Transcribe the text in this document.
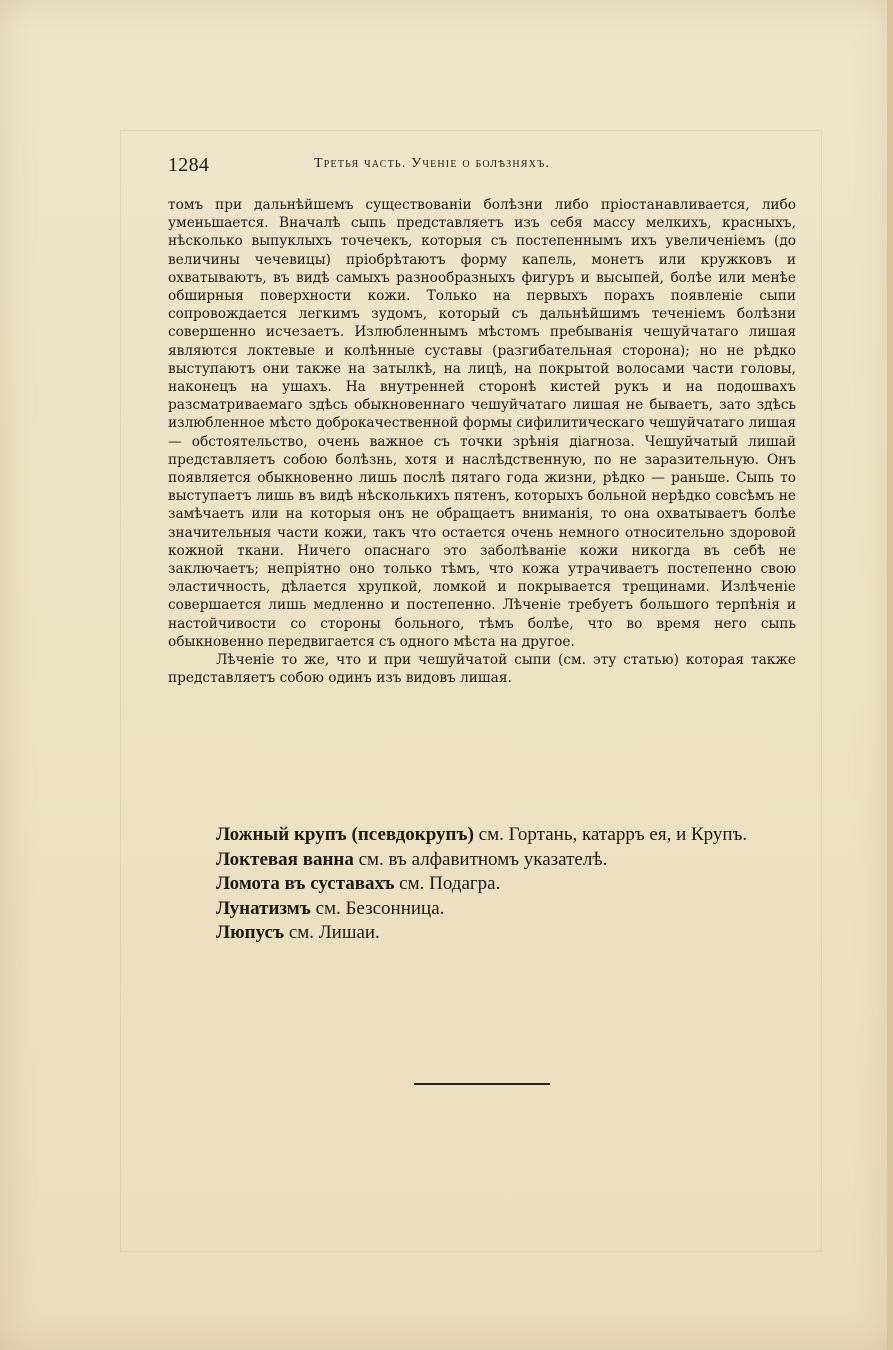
1284	Третья часть. Ученiе о болѣзняхъ.

томъ при дальнѣйшемъ существованiи болѣзни либо прiостанавливается, либо уменьшается. Вначалѣ сыпь представляетъ изъ себя массу мелкихъ, красныхъ, нѣсколько выпуклыхъ точечекъ, которыя съ постепеннымъ ихъ увеличенiемъ (до величины чечевицы) прiобрѣтаютъ форму капель, монетъ или кружковъ и охватываютъ, въ видѣ самыхъ разнообразныхъ фигуръ и высыпей, болѣе или менѣе обширныя поверхности кожи. Только на первыхъ порахъ появленiе сыпи сопровождается легкимъ зудомъ, который съ дальнѣйшимъ теченiемъ болѣзни совершенно исчезаетъ. Излюбленнымъ мѣстомъ пребыванiя чешуйчатаго лишая являются локтевые и колѣнные суставы (разгибательная сторона); но не рѣдко выступаютъ они также на затылкѣ, на лицѣ, на покрытой волосами части головы, наконецъ на ушахъ. На внутренней сторонѣ кистей рукъ и на подошвахъ разсматриваемаго здѣсь обыкновеннаго чешуйчатаго лишая не бываетъ, зато здѣсь излюбленное мѣсто доброкачественной формы сифилитическаго чешуйчатаго лишая — обстоятельство, очень важное съ точки зрѣнiя дiагноза. Чешуйчатый лишай представляетъ собою болѣзнь, хотя и наслѣдственную, по не заразительную. Онъ появляется обыкновенно лишь послѣ пятаго года жизни, рѣдко — раньше. Сыпь то выступаетъ лишь въ видѣ нѣсколькихъ пятенъ, которыхъ больной нерѣдко совсѣмъ не замѣчаетъ или на которыя онъ не обращаетъ вниманiя, то она охватываетъ болѣе значительныя части кожи, такъ что остается очень немного относительно здоровой кожной ткани. Ничего опаснаго это заболѣванiе кожи никогда въ себѣ не заключаетъ; непрiятно оно только тѣмъ, что кожа утрачиваетъ постепенно свою эластичность, дѣлается хрупкой, ломкой и покрывается трещинами. Излѣченiе совершается лишь медленно и постепенно. Лѣченiе требуетъ большого терпѣнiя и настойчивости со стороны больного, тѣмъ болѣе, что во время него сыпь обыкновенно передвигается съ одного мѣста на другое.

Лѣченiе то же, что и при чешуйчатой сыпи (см. эту статью) которая также представляетъ собою одинъ изъ видовъ лишая.

Ложный крупъ (псевдокрупъ) см. Гортань, катарръ ея, и Крупъ.

Локтевая ванна см. въ алфавитномъ указателѣ.

Ломота въ суставахъ см. Подагра.

Лунатизмъ см. Безсонница.

Люпусъ см. Лишаи.
